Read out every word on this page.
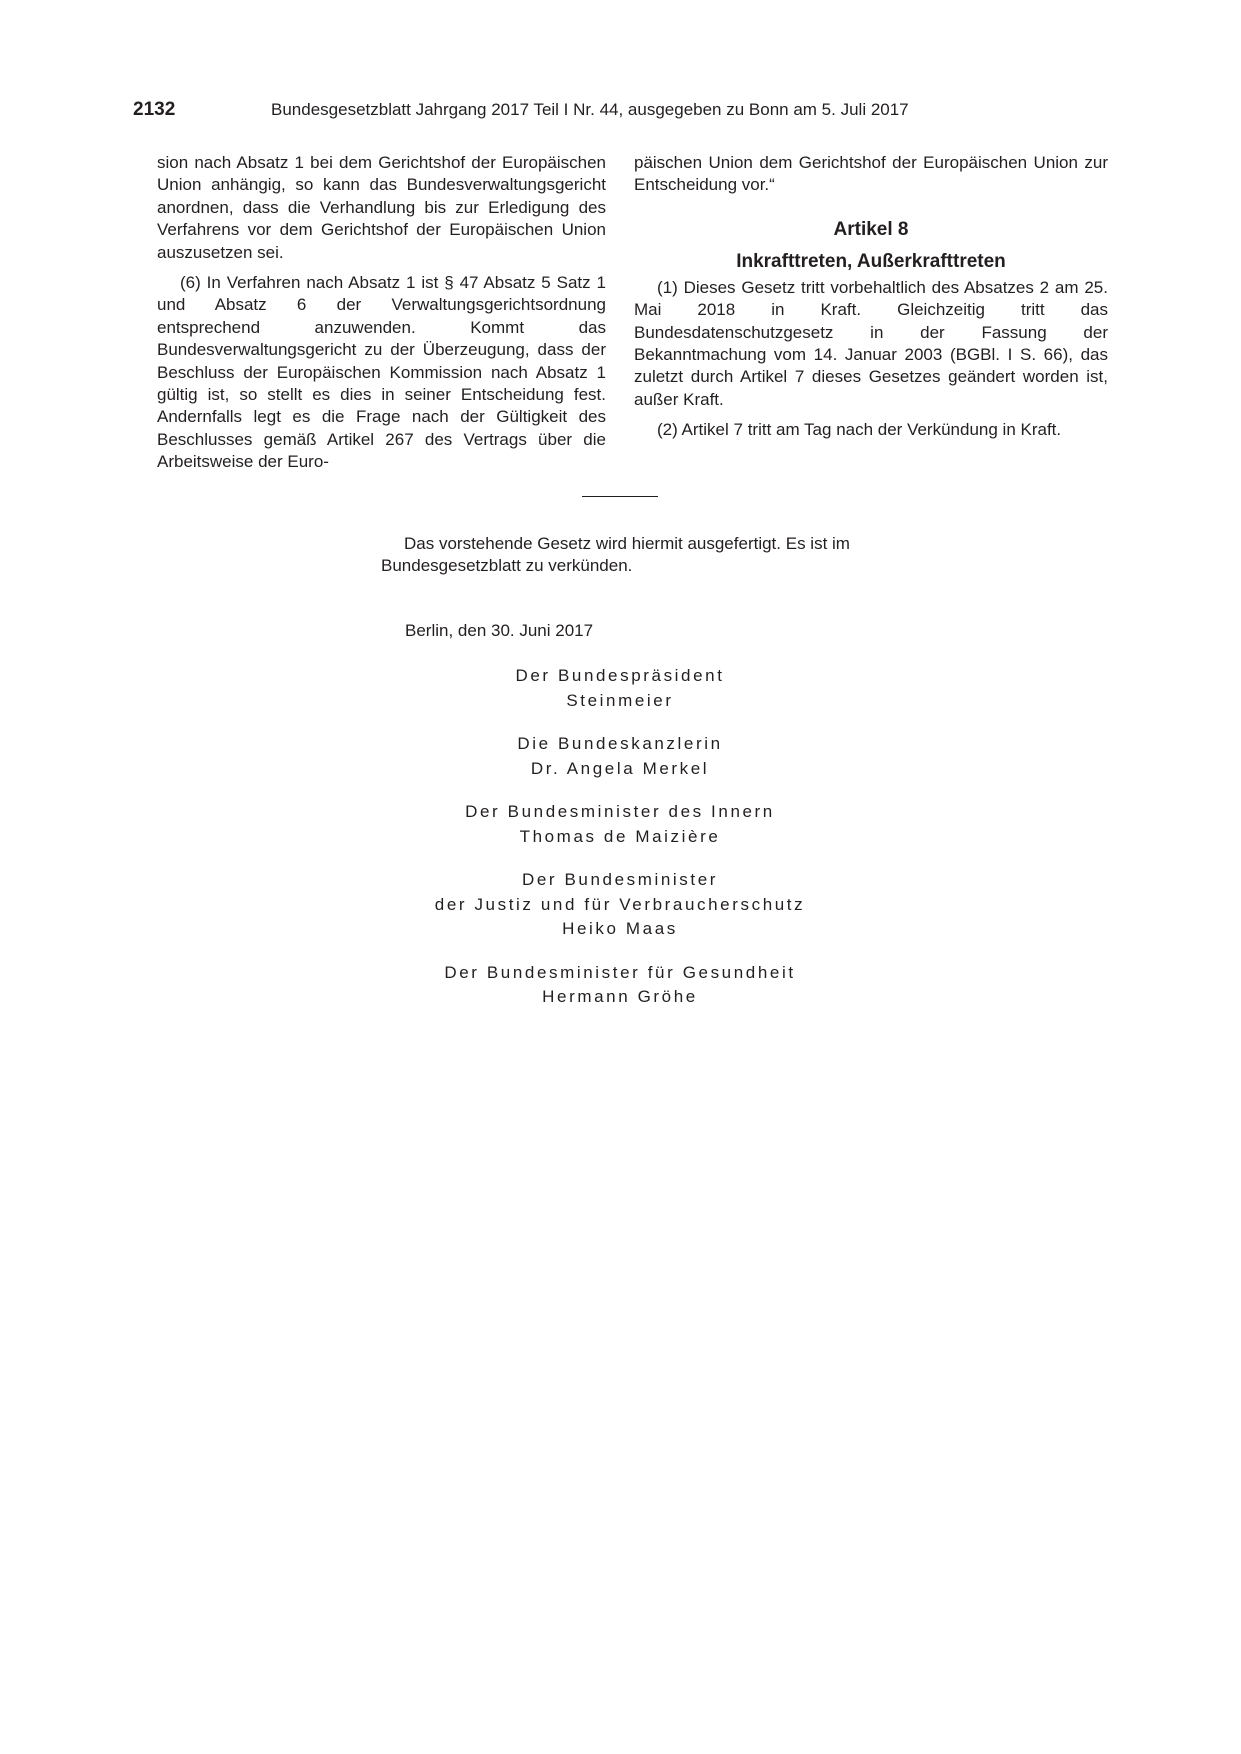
2132	Bundesgesetzblatt Jahrgang 2017 Teil I Nr. 44, ausgegeben zu Bonn am 5. Juli 2017

sion nach Absatz 1 bei dem Gerichtshof der Europäischen Union anhängig, so kann das Bundesverwaltungsgericht anordnen, dass die Verhandlung bis zur Erledigung des Verfahrens vor dem Gerichtshof der Europäischen Union auszusetzen sei.

(6) In Verfahren nach Absatz 1 ist § 47 Absatz 5 Satz 1 und Absatz 6 der Verwaltungsgerichtsordnung entsprechend anzuwenden. Kommt das Bundesverwaltungsgericht zu der Überzeugung, dass der Beschluss der Europäischen Kommission nach Absatz 1 gültig ist, so stellt es dies in seiner Entscheidung fest. Andernfalls legt es die Frage nach der Gültigkeit des Beschlusses gemäß Artikel 267 des Vertrags über die Arbeitsweise der Euro-

päischen Union dem Gerichtshof der Europäischen Union zur Entscheidung vor.“

Artikel 8
Inkrafttreten, Außerkrafttreten

(1) Dieses Gesetz tritt vorbehaltlich des Absatzes 2 am 25. Mai 2018 in Kraft. Gleichzeitig tritt das Bundesdatenschutzgesetz in der Fassung der Bekanntmachung vom 14. Januar 2003 (BGBl. I S. 66), das zuletzt durch Artikel 7 dieses Gesetzes geändert worden ist, außer Kraft.

(2) Artikel 7 tritt am Tag nach der Verkündung in Kraft.

Das vorstehende Gesetz wird hiermit ausgefertigt. Es ist im Bundesgesetzblatt zu verkünden.

Berlin, den 30. Juni 2017
Der Bundespräsident
Steinmeier
Die Bundeskanzlerin
Dr. Angela Merkel
Der Bundesminister des Innern
Thomas de Maizière
Der Bundesminister
der Justiz und für Verbraucherschutz
Heiko Maas
Der Bundesminister für Gesundheit
Hermann Gröhe
